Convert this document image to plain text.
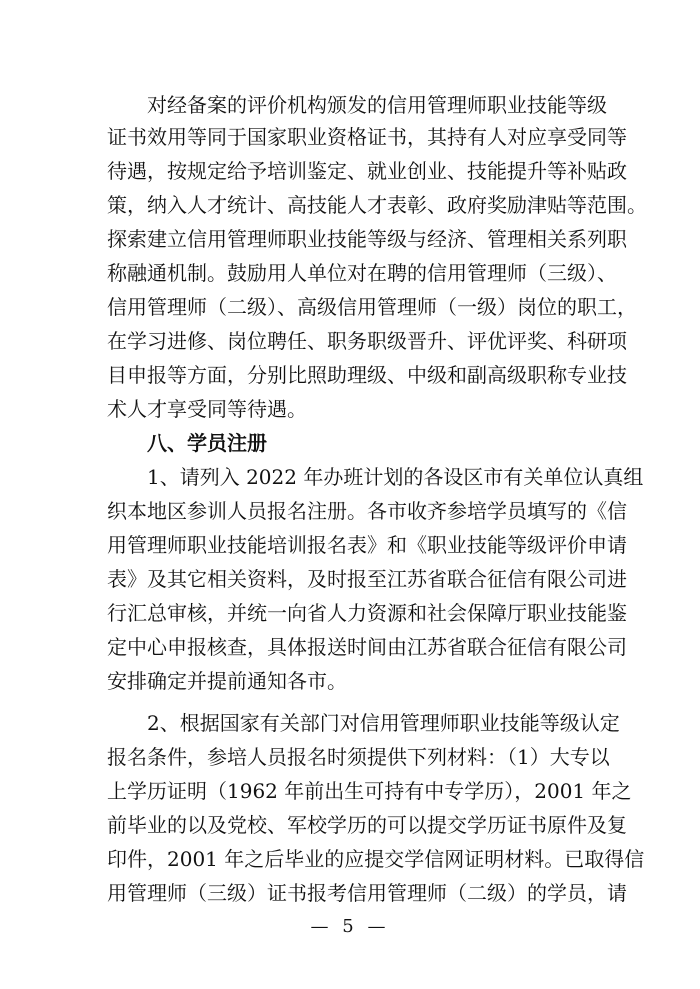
对经备案的评价机构颁发的信用管理师职业技能等级

证书效用等同于国家职业资格证书，其持有人对应享受同等

待遇，按规定给予培训鉴定、就业创业、技能提升等补贴政

策，纳入人才统计、高技能人才表彰、政府奖励津贴等范围。

探索建立信用管理师职业技能等级与经济、管理相关系列职

称融通机制。鼓励用人单位对在聘的信用管理师（三级）、

信用管理师（二级）、高级信用管理师（一级）岗位的职工，

在学习进修、岗位聘任、职务职级晋升、评优评奖、科研项

目申报等方面，分别比照助理级、中级和副高级职称专业技

术人才享受同等待遇。

八、学员注册

1、请列入 2022 年办班计划的各设区市有关单位认真组

织本地区参训人员报名注册。各市收齐参培学员填写的《信

用管理师职业技能培训报名表》和《职业技能等级评价申请

表》及其它相关资料，及时报至江苏省联合征信有限公司进

行汇总审核，并统一向省人力资源和社会保障厅职业技能鉴

定中心申报核查，具体报送时间由江苏省联合征信有限公司

安排确定并提前通知各市。

2、根据国家有关部门对信用管理师职业技能等级认定

报名条件，参培人员报名时须提供下列材料：（1）大专以

上学历证明（1962 年前出生可持有中专学历），2001 年之

前毕业的以及党校、军校学历的可以提交学历证书原件及复

印件，2001 年之后毕业的应提交学信网证明材料。已取得信

用管理师（三级）证书报考信用管理师（二级）的学员，请

— 5 —
